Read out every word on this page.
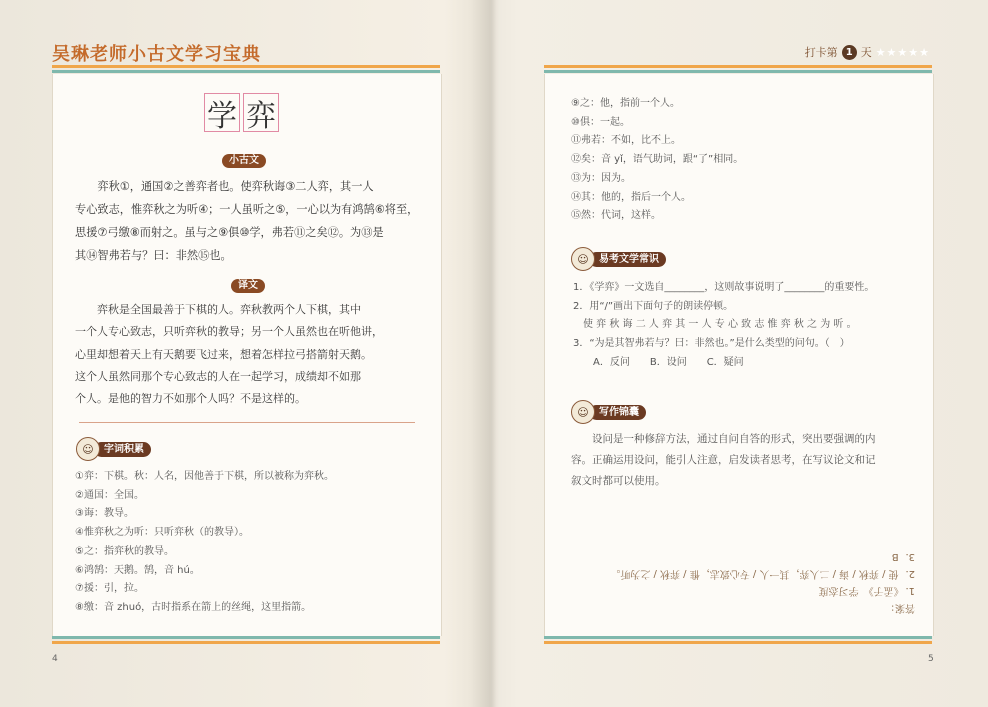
吴琳老师小古文学习宝典	打卡第 1 天 ★★★★★
学 弈
小古文
　　弈秋①，通国②之善弈者也。使弈秋诲③二人弈，其一人
专心致志，惟弈秋之为听④；一人虽听之⑤，一心以为有鸿鹄⑥将至，
思援⑦弓缴⑧而射之。虽与之⑨俱⑩学，弗若⑪之矣⑫。为⑬是
其⑭智弗若与？曰：非然⑮也。
译文
　　弈秋是全国最善于下棋的人。弈秋教两个人下棋，其中
一个人专心致志，只听弈秋的教导；另一个人虽然也在听他讲，
心里却想着天上有天鹅要飞过来，想着怎样拉弓搭箭射天鹅。
这个人虽然同那个专心致志的人在一起学习，成绩却不如那
个人。是他的智力不如那个人吗？不是这样的。
☺	字词积累
①弈：下棋。秋：人名，因他善于下棋，所以被称为弈秋。
②通国：全国。
③诲：教导。
④惟弈秋之为听：只听弈秋（的教导）。
⑤之：指弈秋的教导。
⑥鸿鹄：天鹅。鹄，音 hú。
⑦援：引，拉。
⑧缴：音 zhuó，古时指系在箭上的丝绳，这里指箭。
4
⑨之：他，指前一个人。
⑩俱：一起。
⑪弗若：不如，比不上。
⑫矣：音 yǐ，语气助词，跟“了”相同。
⑬为：因为。
⑭其：他的，指后一个人。
⑮然：代词，这样。
☺	易考文学常识
1．《学弈》一文选自________，这则故事说明了________的重要性。
2．用“/”画出下面句子的朗读停顿。
　使 弈 秋 诲 二 人 弈 其 一 人 专 心 致 志 惟 弈 秋 之 为 听 。
3．“为是其智弗若与？曰：非然也。”是什么类型的问句。（　）
　　A．反问　　B．设问　　C．疑问
☺	写作锦囊
　　设问是一种修辞方法，通过自问自答的形式，突出要强调的内
容。正确运用设问，能引人注意，启发读者思考，在写议论文和记
叙文时都可以使用。
答案：
1．《孟子》　学习态度
2．使 / 弈秋 / 诲 / 二人弈，其一人 / 专心致志，惟 / 弈秋 / 之为听。
3．B
5
